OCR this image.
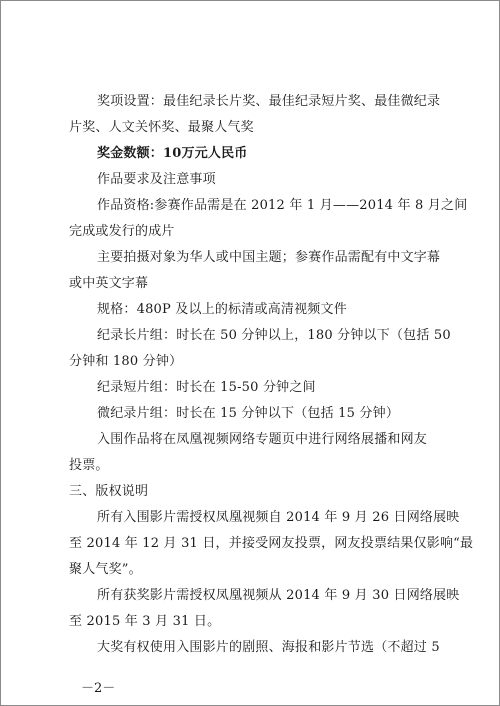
奖项设置：最佳纪录长片奖、最佳纪录短片奖、最佳微纪录
片奖、人文关怀奖、最聚人气奖
奖金数额：10万元人民币
作品要求及注意事项
作品资格:参赛作品需是在 2012 年 1 月——2014 年 8 月之间
完成或发行的成片
主要拍摄对象为华人或中国主题；参赛作品需配有中文字幕
或中英文字幕
规格：480P 及以上的标清或高清视频文件
纪录长片组：时长在 50 分钟以上，180 分钟以下（包括 50
分钟和 180 分钟）
纪录短片组：时长在 15-50 分钟之间
微纪录片组：时长在 15 分钟以下（包括 15 分钟）
入围作品将在凤凰视频网络专题页中进行网络展播和网友
投票。
三、版权说明
所有入围影片需授权凤凰视频自 2014 年 9 月 26 日网络展映
至 2014 年 12 月 31 日，并接受网友投票，网友投票结果仅影响“最
聚人气奖”。
所有获奖影片需授权凤凰视频从 2014 年 9 月 30 日网络展映
至 2015 年 3 月 31 日。
大奖有权使用入围影片的剧照、海报和影片节选（不超过 5
－2－
